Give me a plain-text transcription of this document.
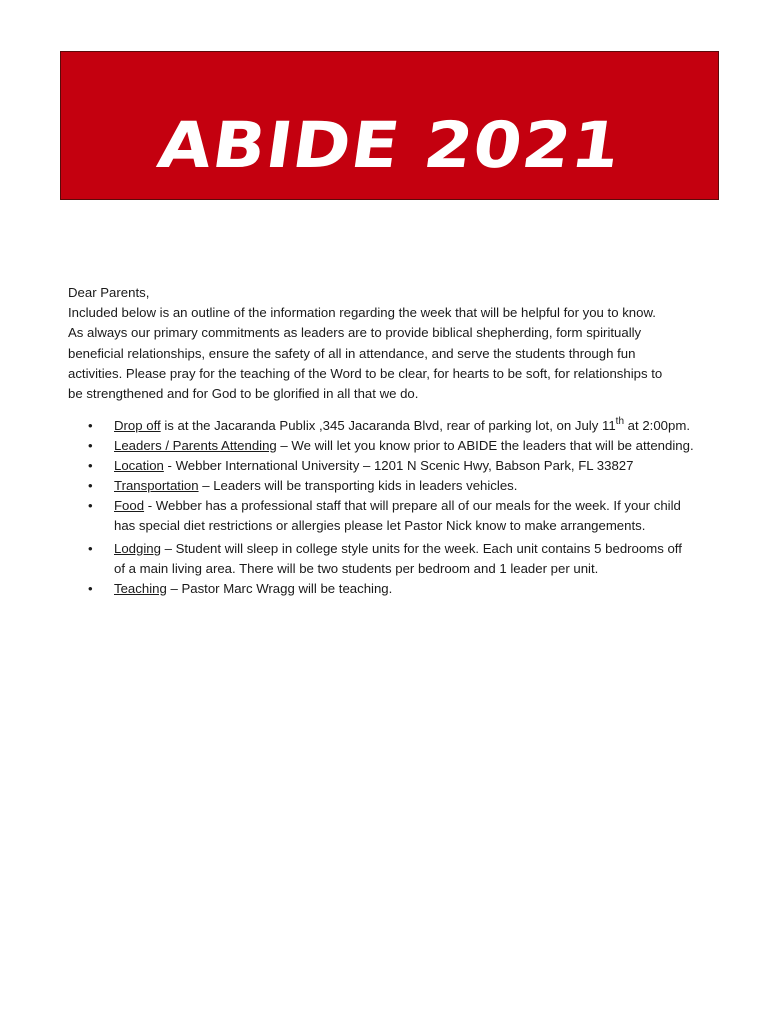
ABIDE 2021
JULY 11 - 16

Dear Parents,

Included below is an outline of the information regarding the week that will be helpful for you to know.

As always our primary commitments as leaders are to provide biblical shepherding, form spiritually

beneficial relationships, ensure the safety of all in attendance, and serve the students through fun

activities. Please pray for the teaching of the Word to be clear, for hearts to be soft, for relationships to

be strengthened and for God to be glorified in all that we do.

• Drop off is at the Jacaranda Publix ,345 Jacaranda Blvd, rear of parking lot, on July 11th at 2:00pm.
• Leaders / Parents Attending – We will let you know prior to ABIDE the leaders that will be attending.
• Location - Webber International University – 1201 N Scenic Hwy, Babson Park, FL 33827
• Transportation – Leaders will be transporting kids in leaders vehicles.
• Food - Webber has a professional staff that will prepare all of our meals for the week. If your child
has special diet restrictions or allergies please let Pastor Nick know to make arrangements.
• Lodging – Student will sleep in college style units for the week. Each unit contains 5 bedrooms off
of a main living area. There will be two students per bedroom and 1 leader per unit.
• Teaching – Pastor Marc Wragg will be teaching.
